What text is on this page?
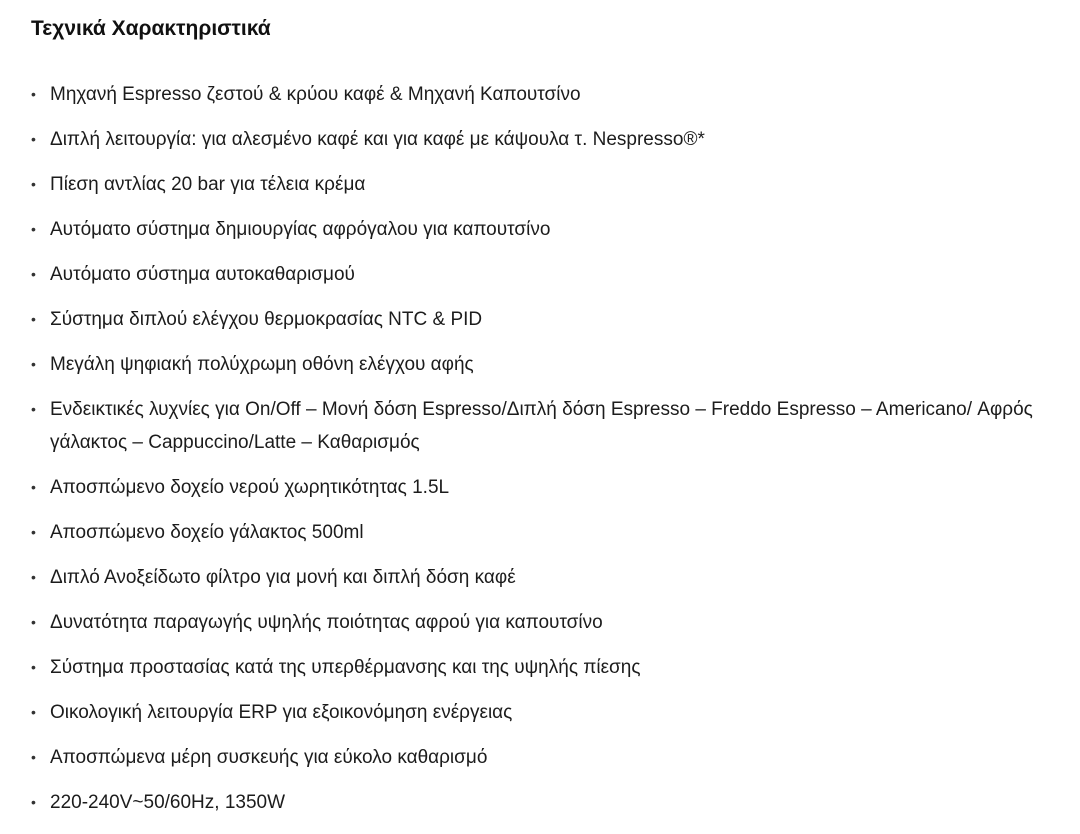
Τεχνικά Χαρακτηριστικά
• Μηχανή Espresso ζεστού & κρύου καφέ & Μηχανή Καπουτσίνο
• Διπλή λειτουργία: για αλεσμένο καφέ και για καφέ με κάψουλα τ. Nespresso®*
• Πίεση αντλίας 20 bar για τέλεια κρέμα
• Αυτόματο σύστημα δημιουργίας αφρόγαλου για καπουτσίνο
• Αυτόματο σύστημα αυτοκαθαρισμού
• Σύστημα διπλού ελέγχου θερμοκρασίας NTC & PID
• Μεγάλη ψηφιακή πολύχρωμη οθόνη ελέγχου αφής
• Ενδεικτικές λυχνίες για On/Off – Μονή δόση Espresso/Διπλή δόση Espresso – Freddo Espresso – Americano/ Αφρός γάλακτος – Cappuccino/Latte – Καθαρισμός
• Αποσπώμενο δοχείο νερού χωρητικότητας 1.5L
• Αποσπώμενο δοχείο γάλακτος 500ml
• Διπλό Ανοξείδωτο φίλτρο για μονή και διπλή δόση καφέ
• Δυνατότητα παραγωγής υψηλής ποιότητας αφρού για καπουτσίνο
• Σύστημα προστασίας κατά της υπερθέρμανσης και της υψηλής πίεσης
• Οικολογική λειτουργία ERP για εξοικονόμηση ενέργειας
• Αποσπώμενα μέρη συσκευής για εύκολο καθαρισμό
• 220-240V~50/60Hz, 1350W
